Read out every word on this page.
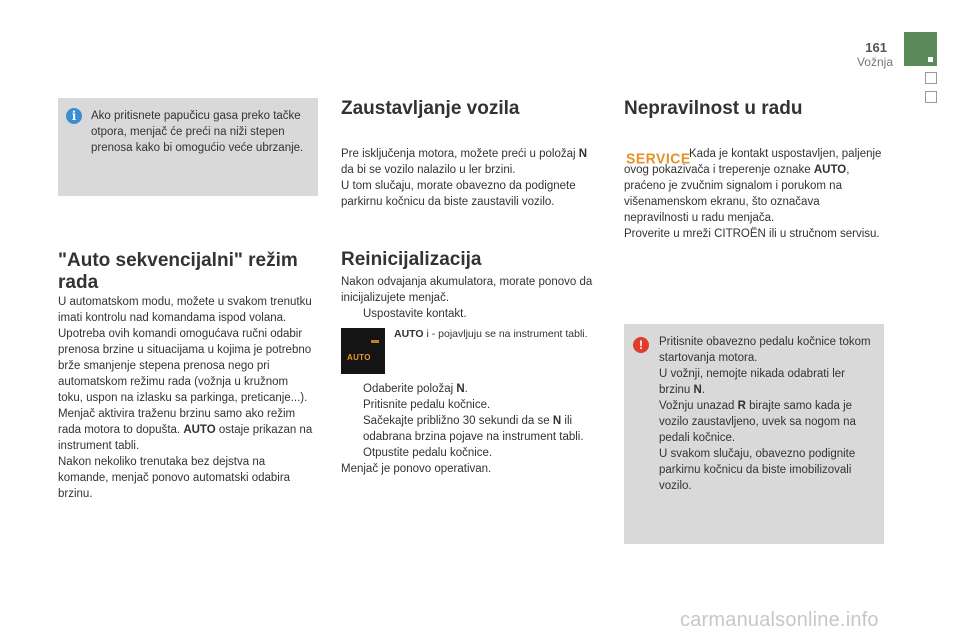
161
Vožnja
i	Ako pritisnete papučicu gasa preko tačke otpora, menjač će preći na niži stepen prenosa kako bi omogućio veće ubrzanje.
"Auto sekvencijalni" režim rada

U automatskom modu, možete u svakom trenutku imati kontrolu nad komandama ispod volana.

Upotreba ovih komandi omogućava ručni odabir prenosa brzine u situacijama u kojima je potrebno brže smanjenje stepena prenosa nego pri automatskom režimu rada (vožnja u kružnom toku, uspon na izlasku sa parkinga, preticanje...).

Menjač aktivira traženu brzinu samo ako režim rada motora to dopušta. AUTO ostaje prikazan na instrument tabli.

Nakon nekoliko trenutaka bez dejstva na komande, menjač ponovo automatski odabira brzinu.

Zaustavljanje vozila

Pre isključenja motora, možete preći u položaj N da bi se vozilo nalazilo u ler brzini.

U tom slučaju, morate obavezno da podignete parkirnu kočnicu da biste zaustavili vozilo.

Reinicijalizacija

Nakon odvajanja akumulatora, morate ponovo da inicijalizujete menjač.

Uspostavite kontakt.
AUTO
AUTO i - pojavljuju se na instrument tabli.
Odaberite položaj N.
Pritisnite pedalu kočnice.
Sačekajte približno 30 sekundi da se N ili odabrana brzina pojave na instrument tabli.
Otpustite pedalu kočnice.

Menjač je ponovo operativan.

Nepravilnost u radu
SERVICE

Kada je kontakt uspostavljen, paljenje ovog pokazivača i treperenje oznake AUTO, praćeno je zvučnim signalom i porukom na višenamenskom ekranu, što označava nepravilnosti u radu menjača.

Proverite u mreži CITROËN ili u stručnom servisu.

!	Pritisnite obavezno pedalu kočnice tokom startovanja motora.

U vožnji, nemojte nikada odabrati ler brzinu N.

Vožnju unazad R birajte samo kada je vozilo zaustavljeno, uvek sa nogom na pedali kočnice.

U svakom slučaju, obavezno podignite parkirnu kočnicu da biste imobilizovali vozilo.

carmanualsonline.info
